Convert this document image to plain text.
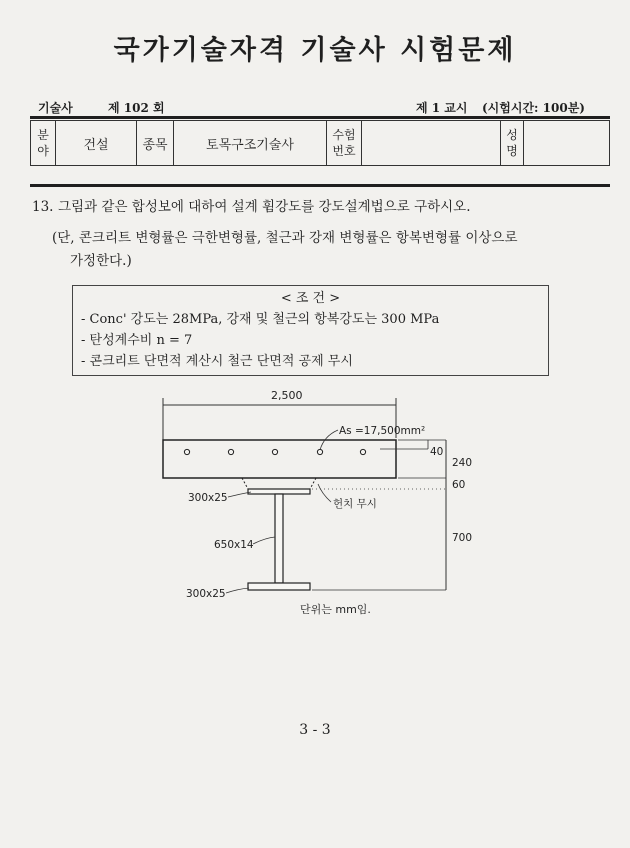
국가기술자격 기술사 시험문제
기술사	제 102 회	제 1 교시 (시험시간: 100분)
분야	건설	종목	토목구조기술사	수험번호		성명	
13. 그림과 같은 합성보에 대하여 설계 휨강도를 강도설계법으로 구하시오.
(단, 콘크리트 변형률은 극한변형률, 철근과 강재 변형률은 항복변형률 이상으로
가정한다.)
< 조 건 >
- Conc' 강도는 28MPa, 강재 및 철근의 항복강도는 300 MPa
- 탄성계수비 n = 7
- 콘크리트 단면적 계산시 철근 단면적 공제 무시
2,500
As =17,500mm²
300x25
650x14
300x25
헌치 무시
40
240
60
700
단위는 mm임.
3 - 3
